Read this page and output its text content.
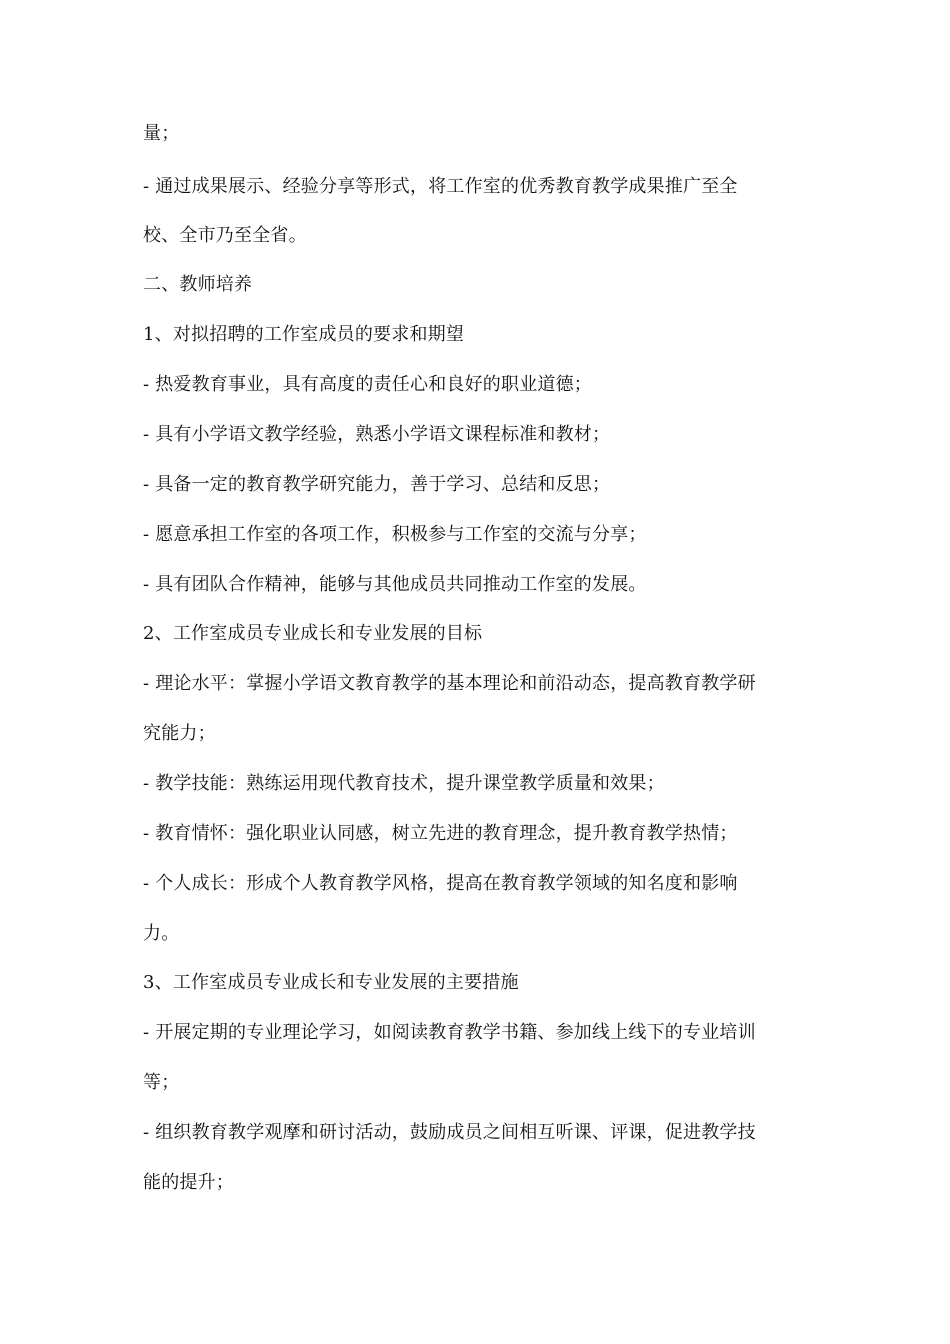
量；
- 通过成果展示、经验分享等形式，将工作室的优秀教育教学成果推广至全
校、全市乃至全省。
二、教师培养
1、对拟招聘的工作室成员的要求和期望
- 热爱教育事业，具有高度的责任心和良好的职业道德；
- 具有小学语文教学经验，熟悉小学语文课程标准和教材；
- 具备一定的教育教学研究能力，善于学习、总结和反思；
- 愿意承担工作室的各项工作，积极参与工作室的交流与分享；
- 具有团队合作精神，能够与其他成员共同推动工作室的发展。
2、工作室成员专业成长和专业发展的目标
- 理论水平：掌握小学语文教育教学的基本理论和前沿动态，提高教育教学研
究能力；
- 教学技能：熟练运用现代教育技术，提升课堂教学质量和效果；
- 教育情怀：强化职业认同感，树立先进的教育理念，提升教育教学热情；
- 个人成长：形成个人教育教学风格，提高在教育教学领域的知名度和影响
力。
3、工作室成员专业成长和专业发展的主要措施
- 开展定期的专业理论学习，如阅读教育教学书籍、参加线上线下的专业培训
等；
- 组织教育教学观摩和研讨活动，鼓励成员之间相互听课、评课，促进教学技
能的提升；
